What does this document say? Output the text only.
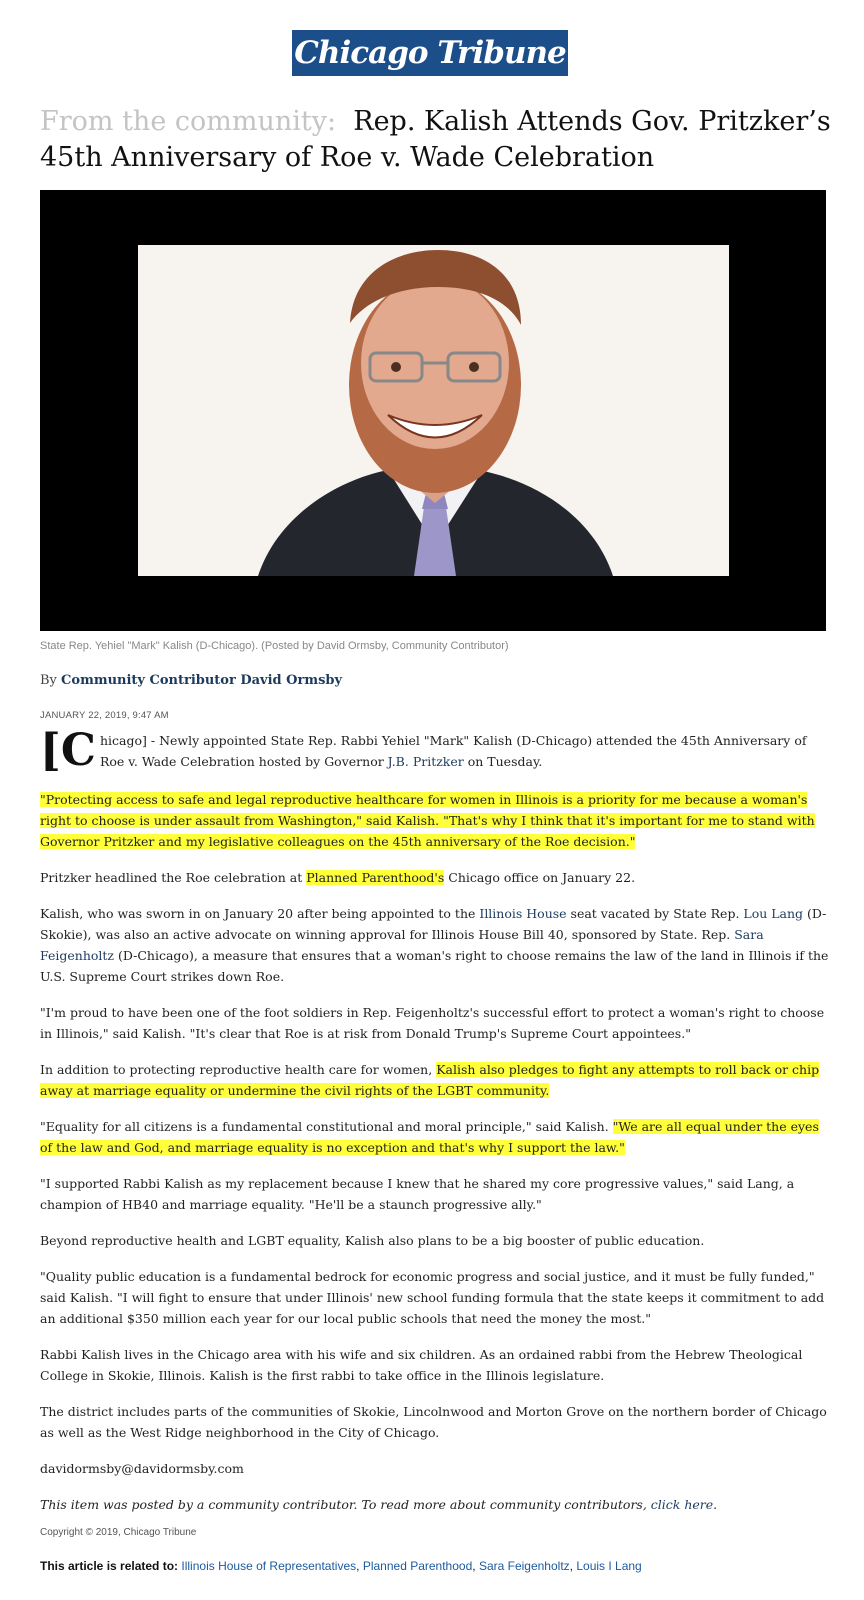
Chicago Tribune
From the community: Rep. Kalish Attends Gov. Pritzker’s 45th Anniversary of Roe v. Wade Celebration
State Rep. Yehiel "Mark" Kalish (D-Chicago). (Posted by David Ormsby, Community Contributor)
By Community Contributor David Ormsby
JANUARY 22, 2019, 9:47 AM

[C hicago] - Newly appointed State Rep. Rabbi Yehiel "Mark" Kalish (D-Chicago) attended the 45th Anniversary of Roe v. Wade Celebration hosted by Governor J.B. Pritzker on Tuesday.

"Protecting access to safe and legal reproductive healthcare for women in Illinois is a priority for me because a woman's right to choose is under assault from Washington," said Kalish. "That's why I think that it's important for me to stand with Governor Pritzker and my legislative colleagues on the 45th anniversary of the Roe decision."

Pritzker headlined the Roe celebration at Planned Parenthood's Chicago office on January 22.

Kalish, who was sworn in on January 20 after being appointed to the Illinois House seat vacated by State Rep. Lou Lang (D-Skokie), was also an active advocate on winning approval for Illinois House Bill 40, sponsored by State. Rep. Sara Feigenholtz (D-Chicago), a measure that ensures that a woman's right to choose remains the law of the land in Illinois if the U.S. Supreme Court strikes down Roe.

"I'm proud to have been one of the foot soldiers in Rep. Feigenholtz's successful effort to protect a woman's right to choose in Illinois," said Kalish. "It's clear that Roe is at risk from Donald Trump's Supreme Court appointees."

In addition to protecting reproductive health care for women, Kalish also pledges to fight any attempts to roll back or chip away at marriage equality or undermine the civil rights of the LGBT community.

"Equality for all citizens is a fundamental constitutional and moral principle," said Kalish. "We are all equal under the eyes of the law and God, and marriage equality is no exception and that's why I support the law."

"I supported Rabbi Kalish as my replacement because I knew that he shared my core progressive values," said Lang, a champion of HB40 and marriage equality. "He'll be a staunch progressive ally."

Beyond reproductive health and LGBT equality, Kalish also plans to be a big booster of public education.

"Quality public education is a fundamental bedrock for economic progress and social justice, and it must be fully funded," said Kalish. "I will fight to ensure that under Illinois' new school funding formula that the state keeps it commitment to add an additional $350 million each year for our local public schools that need the money the most."

Rabbi Kalish lives in the Chicago area with his wife and six children. As an ordained rabbi from the Hebrew Theological College in Skokie, Illinois. Kalish is the first rabbi to take office in the Illinois legislature.

The district includes parts of the communities of Skokie, Lincolnwood and Morton Grove on the northern border of Chicago as well as the West Ridge neighborhood in the City of Chicago.

davidormsby@davidormsby.com

This item was posted by a community contributor. To read more about community contributors, click here.

Copyright © 2019, Chicago Tribune
This article is related to: Illinois House of Representatives, Planned Parenthood, Sara Feigenholtz, Louis I Lang
